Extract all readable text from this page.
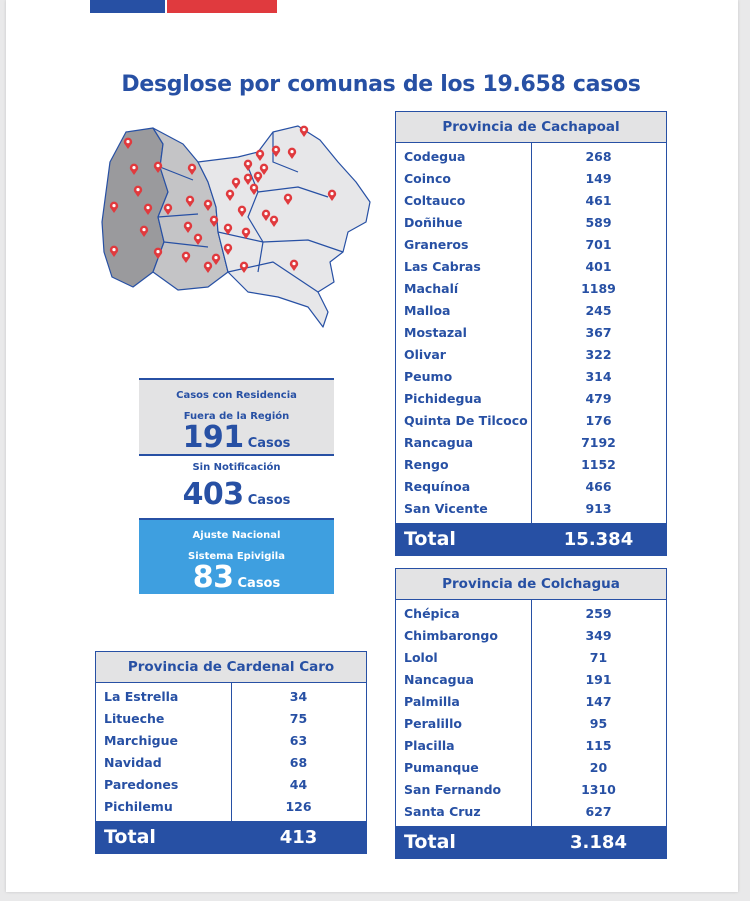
Desglose por comunas de los 19.658 casos
Casos con Residencia
Fuera de la Región
191 Casos
Sin Notificación
403 Casos
Ajuste Nacional
Sistema Epivigila
83 Casos
Provincia de Cachapoal
Codegua	268
Coinco	149
Coltauco	461
Doñihue	589
Graneros	701
Las Cabras	401
Machalí	1189
Malloa	245
Mostazal	367
Olivar	322
Peumo	314
Pichidegua	479
Quinta De Tilcoco	176
Rancagua	7192
Rengo	1152
Requínoa	466
San Vicente	913
Total	15.384
Provincia de Colchagua
Chépica	259
Chimbarongo	349
Lolol	71
Nancagua	191
Palmilla	147
Peralillo	95
Placilla	115
Pumanque	20
San Fernando	1310
Santa Cruz	627
Total	3.184
Provincia de Cardenal Caro
La Estrella	34
Litueche	75
Marchigue	63
Navidad	68
Paredones	44
Pichilemu	126
Total	413
